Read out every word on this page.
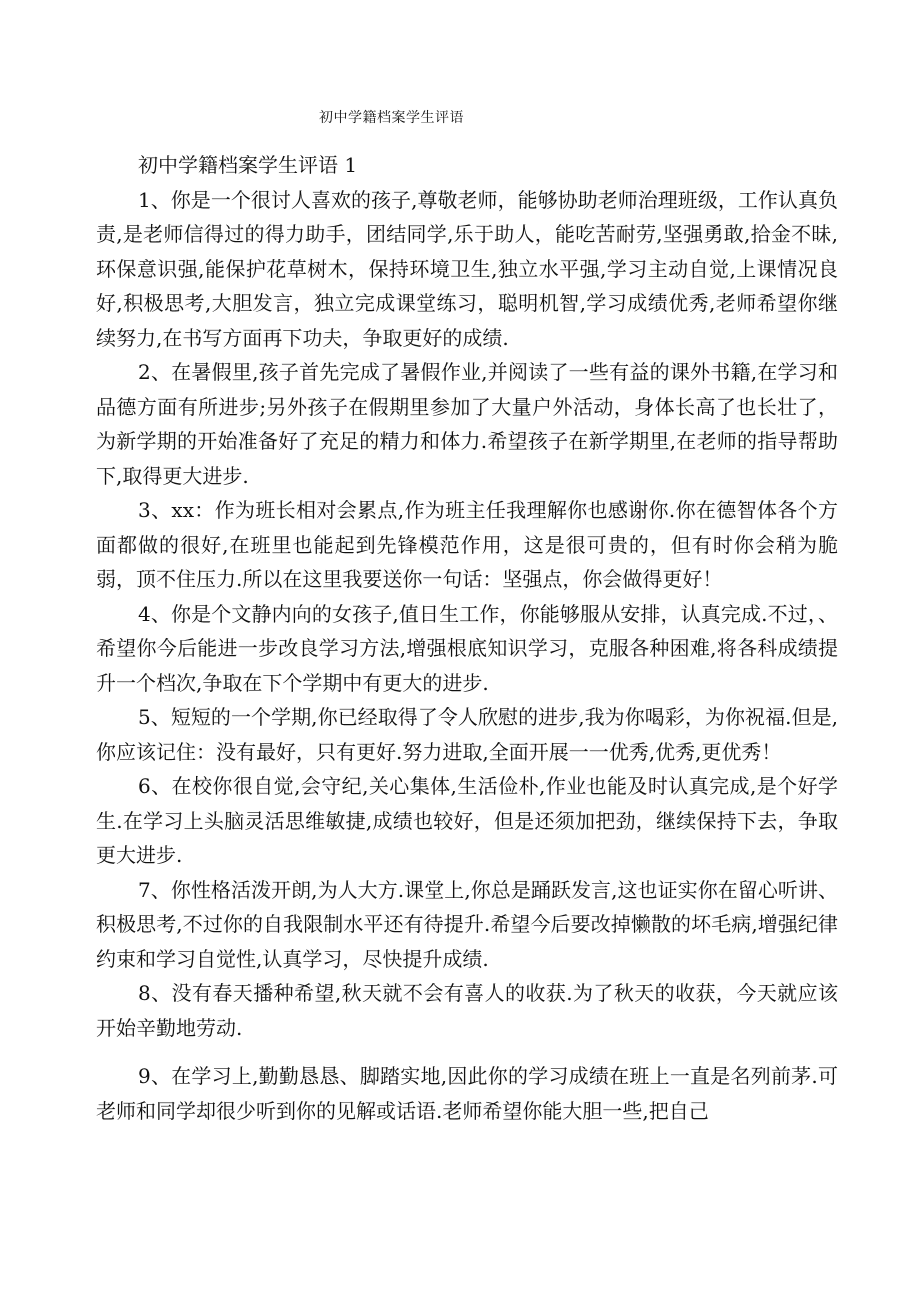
初中学籍档案学生评语

初中学籍档案学生评语 1

1、你是一个很讨人喜欢的孩子,尊敬老师，能够协助老师治理班级，工作认真负责,是老师信得过的得力助手，团结同学,乐于助人，能吃苦耐劳,坚强勇敢,拾金不昧,环保意识强,能保护花草树木，保持环境卫生,独立水平强,学习主动自觉,上课情况良好,积极思考,大胆发言，独立完成课堂练习，聪明机智,学习成绩优秀,老师希望你继续努力,在书写方面再下功夫，争取更好的成绩.

2、在暑假里,孩子首先完成了暑假作业,并阅读了一些有益的课外书籍,在学习和品德方面有所进步;另外孩子在假期里参加了大量户外活动，身体长高了也长壮了，为新学期的开始准备好了充足的精力和体力.希望孩子在新学期里,在老师的指导帮助下,取得更大进步.

3、xx：作为班长相对会累点,作为班主任我理解你也感谢你.你在德智体各个方面都做的很好,在班里也能起到先锋模范作用，这是很可贵的，但有时你会稍为脆弱，顶不住压力.所以在这里我要送你一句话：坚强点，你会做得更好！

4、你是个文静内向的女孩子,值日生工作，你能够服从安排，认真完成.不过，、希望你今后能进一步改良学习方法,增强根底知识学习，克服各种困难,将各科成绩提升一个档次,争取在下个学期中有更大的进步.

5、短短的一个学期,你已经取得了令人欣慰的进步,我为你喝彩，为你祝福.但是,你应该记住：没有最好，只有更好.努力进取,全面开展一一优秀,优秀,更优秀！

6、在校你很自觉,会守纪,关心集体,生活俭朴,作业也能及时认真完成,是个好学生.在学习上头脑灵活思维敏捷,成绩也较好，但是还须加把劲，继续保持下去，争取更大进步.

7、你性格活泼开朗,为人大方.课堂上,你总是踊跃发言,这也证实你在留心听讲、积极思考,不过你的自我限制水平还有待提升.希望今后要改掉懒散的坏毛病,增强纪律约束和学习自觉性,认真学习，尽快提升成绩.

8、没有春天播种希望,秋天就不会有喜人的收获.为了秋天的收获，今天就应该开始辛勤地劳动.

9、在学习上,勤勤恳恳、脚踏实地,因此你的学习成绩在班上一直是名列前茅.可老师和同学却很少听到你的见解或话语.老师希望你能大胆一些,把自己
